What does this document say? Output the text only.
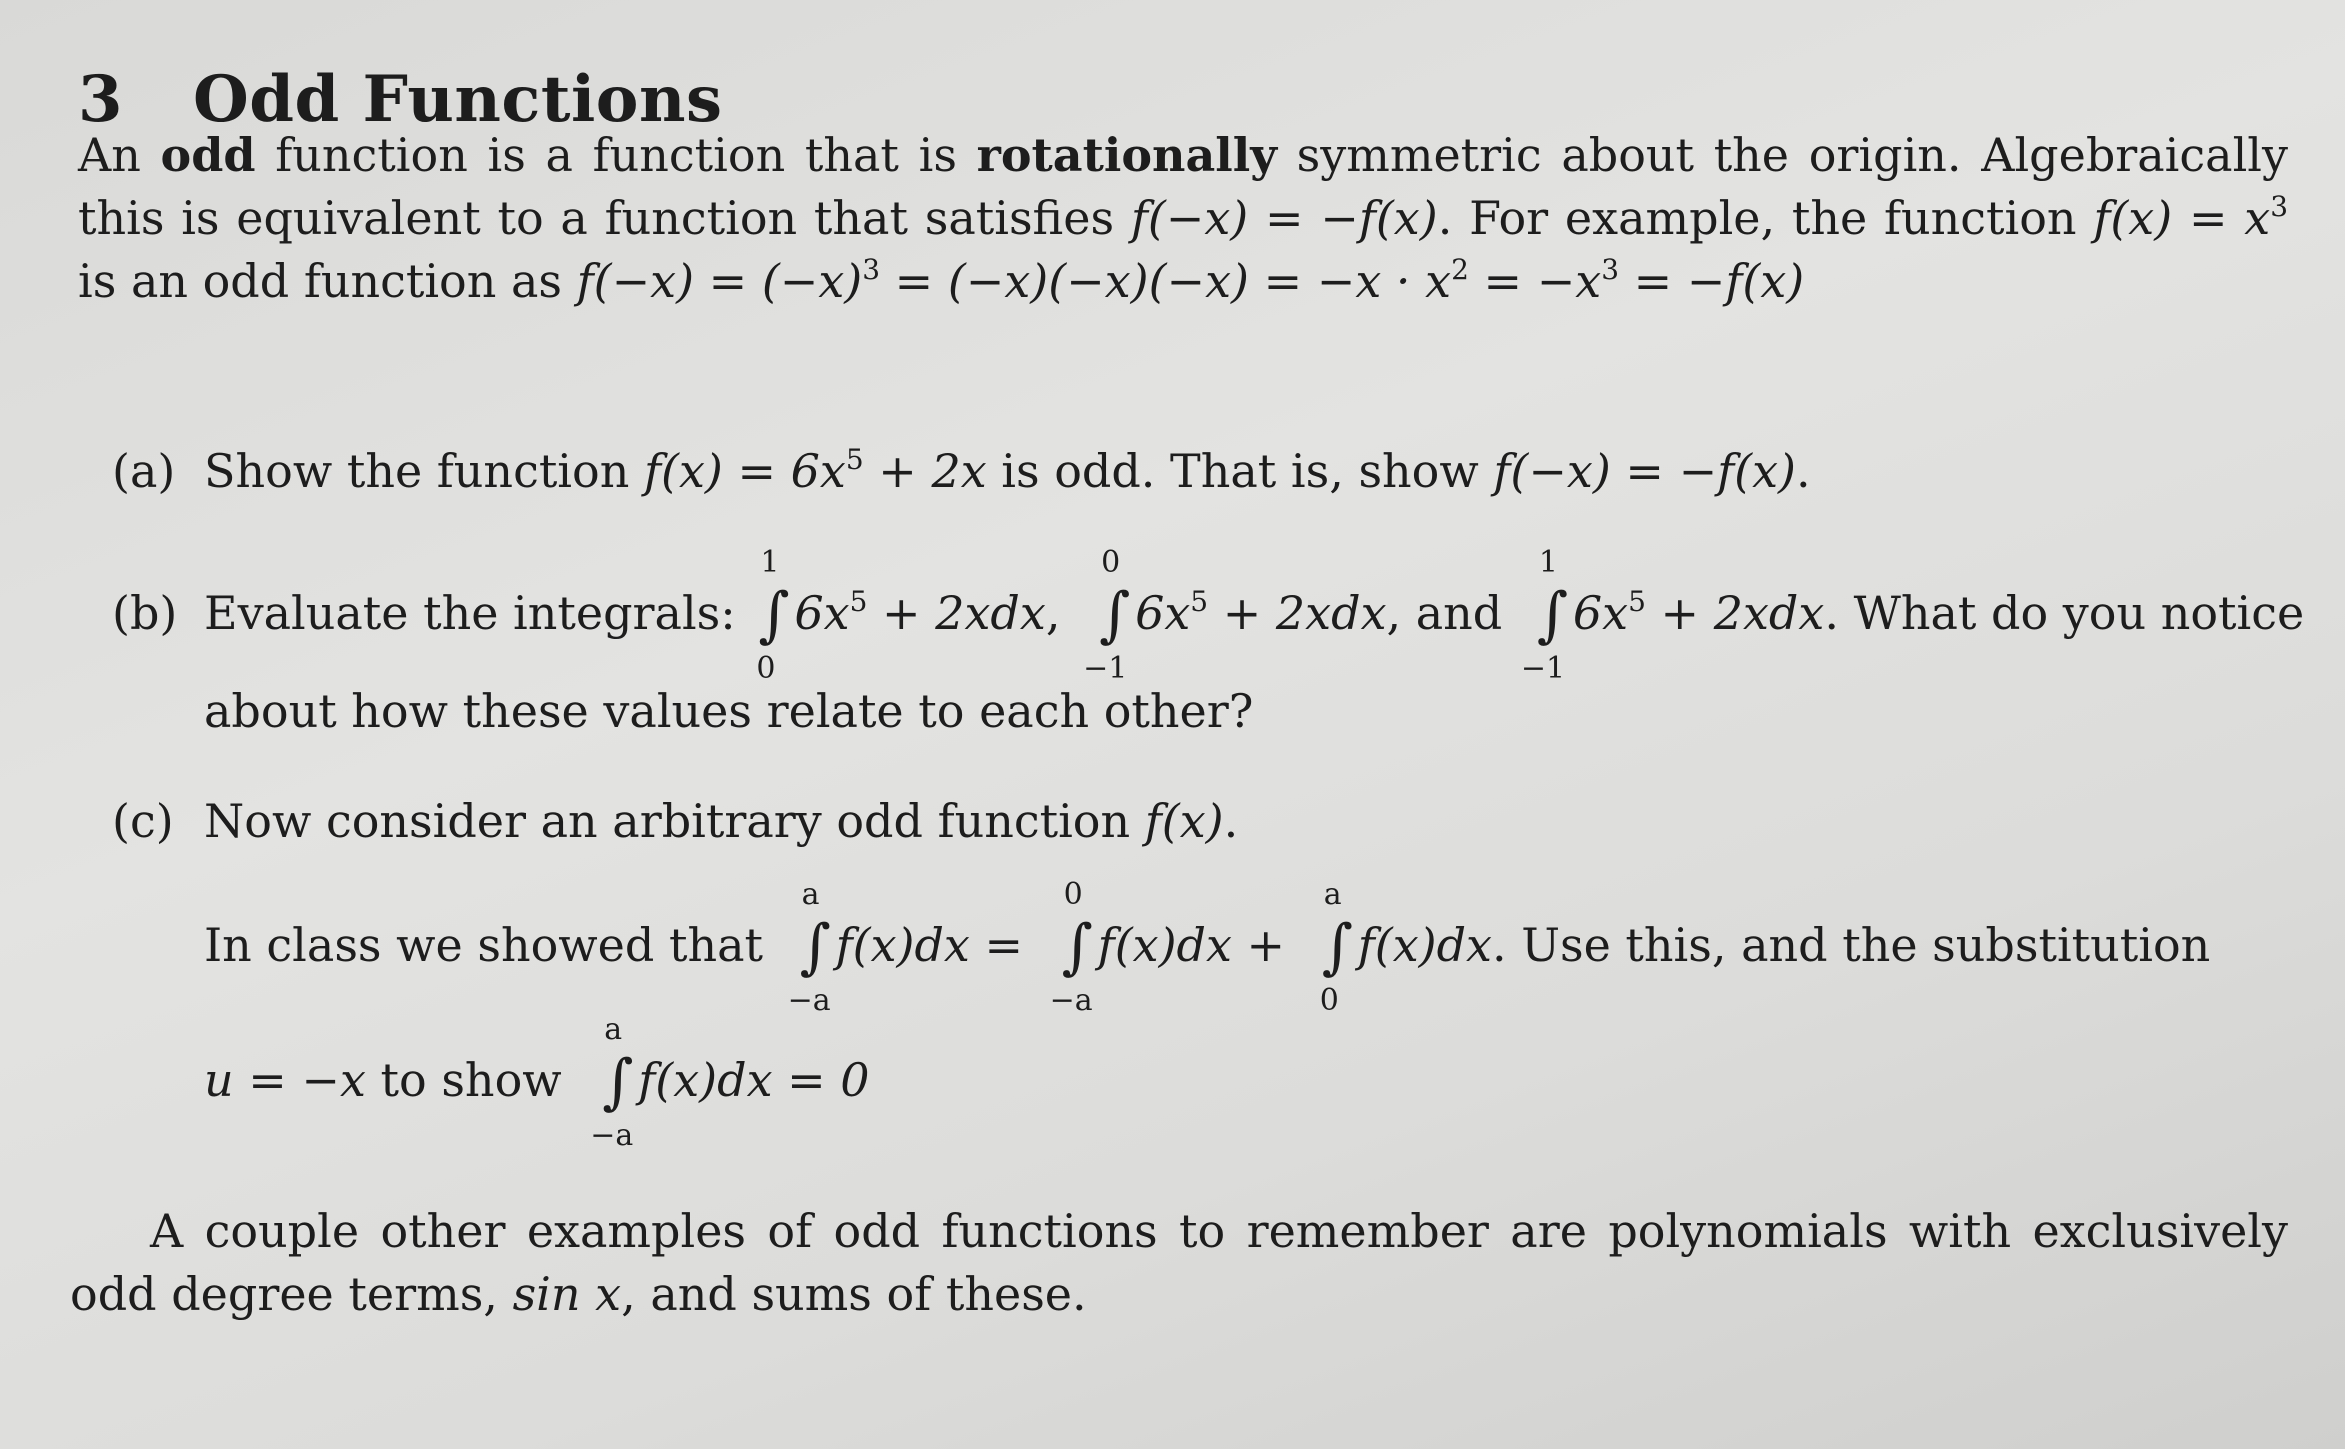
3 Odd Functions
An odd function is a function that is rotationally symmetric about the origin. Algebraically this is equivalent to a function that satisfies f(−x) = −f(x). For example, the function $f(x) = x^3$ is an odd function as $f(-x) = (-x)^3 = (-x)(-x)(-x) = -x \cdot x^2 = -x^3 = -f(x)$
(a) Show the function $f(x) = 6x^5 + 2x$ is odd. That is, show f(−x) = −f(x).
(b) Evaluate the integrals:
1
∫
0
$6x^5 + 2xdx$,
0
∫
−1
$6x^5 + 2xdx$, and
1
∫
−1
$6x^5 + 2xdx$. What do you notice
about how these values relate to each other?
(c) Now consider an arbitrary odd function f(x).
In class we showed that
a
∫
−a
f(x)dx =
0
∫
−a
f(x)dx +
a
∫
0
f(x)dx. Use this, and the substitution
u = −x to show
a
∫
−a
f(x)dx = 0
A couple other examples of odd functions to remember are polynomials with exclusively odd degree terms, sin x, and sums of these.
